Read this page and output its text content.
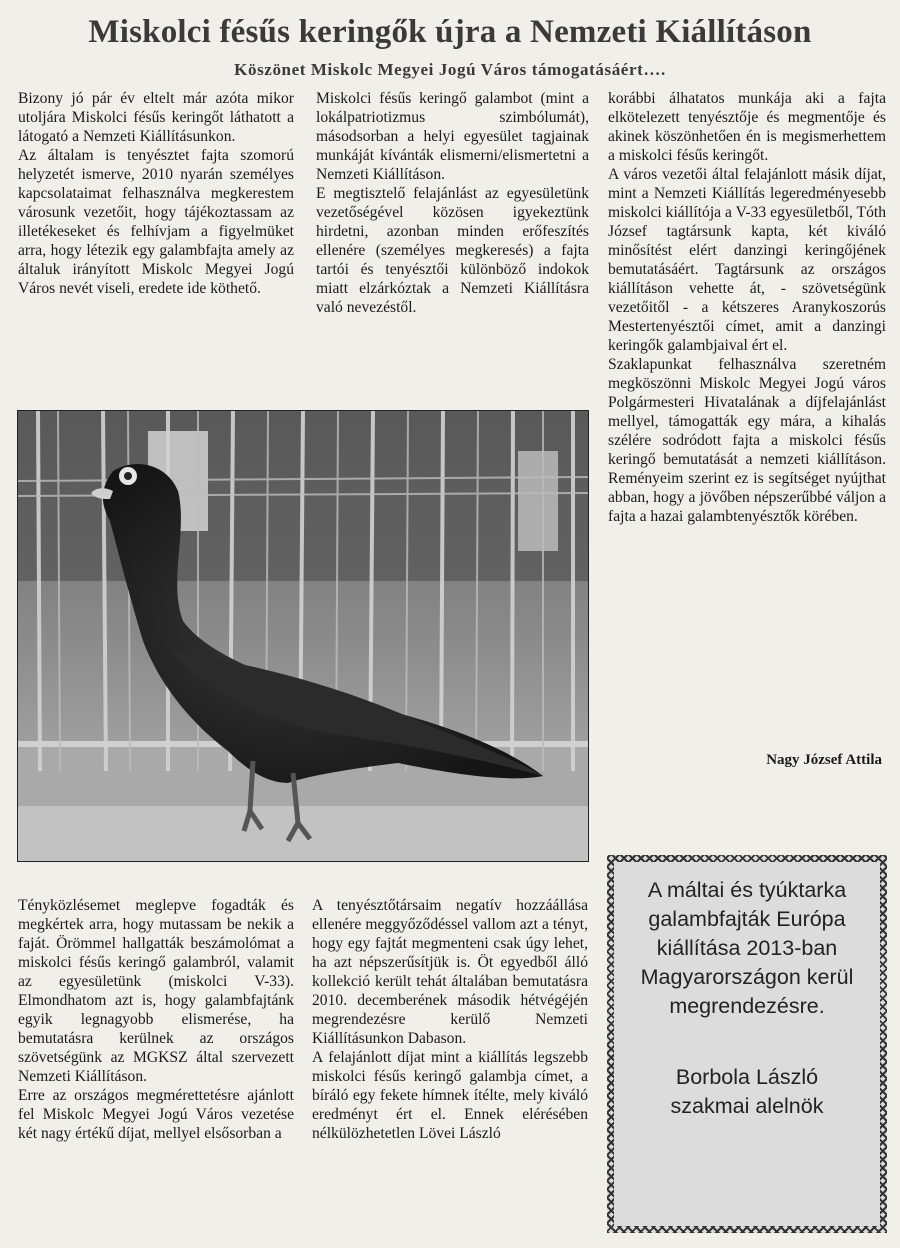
Miskolci fésűs keringők újra a Nemzeti Kiállításon

Köszönet Miskolc Megyei Jogú Város támogatásáért….

Bizony jó pár év eltelt már azóta mikor utoljára Miskolci fésűs keringőt láthatott a látogató a Nemzeti Kiállításunkon.

Az általam is tenyésztet fajta szomorú helyzetét ismerve, 2010 nyarán személyes kapcsolataimat felhasználva megkerestem városunk vezetőit, hogy tájékoztassam az illetékeseket és felhívjam a figyelmüket arra, hogy létezik egy galambfajta amely az általuk irányított Miskolc Megyei Jogú Város nevét viseli, eredete ide köthető.

Miskolci fésűs keringő galambot (mint a lokálpatriotizmus szimbólumát), másodsorban a helyi egyesület tagjainak munkáját kívánták elismerni/elismertetni a Nemzeti Kiállításon.

E megtisztelő felajánlást az egyesületünk vezetőségével közösen igyekeztünk hirdetni, azonban minden erőfeszítés ellenére (személyes megkeresés) a fajta tartói és tenyésztői különböző indokok miatt elzárkóztak a Nemzeti Kiállításra való nevezéstől.

korábbi álhatatos munkája aki a fajta elkötelezett tenyésztője és megmentője és akinek köszönhetően én is megismerhettem a miskolci fésűs keringőt.

A város vezetői által felajánlott másik díjat, mint a Nemzeti Kiállítás legeredményesebb miskolci kiállítója a V-33 egyesületből, Tóth József tagtársunk kapta, két kiváló minősítést elért danzingi keringőjének bemutatásáért. Tagtársunk az országos kiállításon vehette át, - szövetségünk vezetőitől - a kétszeres Aranykoszorús Mestertenyésztői címet, amit a danzingi keringők galambjaival ért el.

Szaklapunkat felhasználva szeretném megköszönni Miskolc Megyei Jogú város Polgármesteri Hivatalának a díjfelajánlást mellyel, támogatták egy mára, a kihalás szélére sodródott fajta a miskolci fésűs keringő bemutatását a nemzeti kiállításon. Reményeim szerint ez is segítséget nyújthat abban, hogy a jövőben népszerűbbé váljon a fajta a hazai galambtenyésztők körében.

Nagy József Attila

Tényközlésemet meglepve fogadták és megkértek arra, hogy mutassam be nekik a faját. Örömmel hallgatták beszámolómat a miskolci fésűs keringő galambról, valamit az egyesületünk (miskolci V-33). Elmondhatom azt is, hogy galambfajtánk egyik legnagyobb elismerése, ha bemutatásra kerülnek az országos szövetségünk az MGKSZ által szervezett Nemzeti Kiállításon.

Erre az országos megmérettetésre ajánlott fel Miskolc Megyei Jogú Város vezetése két nagy értékű díjat, mellyel elsősorban a

A tenyésztőtársaim negatív hozzáállása ellenére meggyőződéssel vallom azt a tényt, hogy egy fajtát megmenteni csak úgy lehet, ha azt népszerűsítjük is. Öt egyedből álló kollekció került tehát általában bemutatásra 2010. decemberének második hétvégéjén megrendezésre kerülő Nemzeti Kiállításunkon Dabason.

A felajánlott díjat mint a kiállítás legszebb miskolci fésűs keringő galambja címet, a bíráló egy fekete hímnek ítélte, mely kiváló eredményt ért el. Ennek elérésében nélkülözhetetlen Lövei László

A máltai és tyúktarka galambfajták Európa kiállítása 2013-ban Magyarországon kerül megrendezésre.

Borbola László
szakmai alelnök
